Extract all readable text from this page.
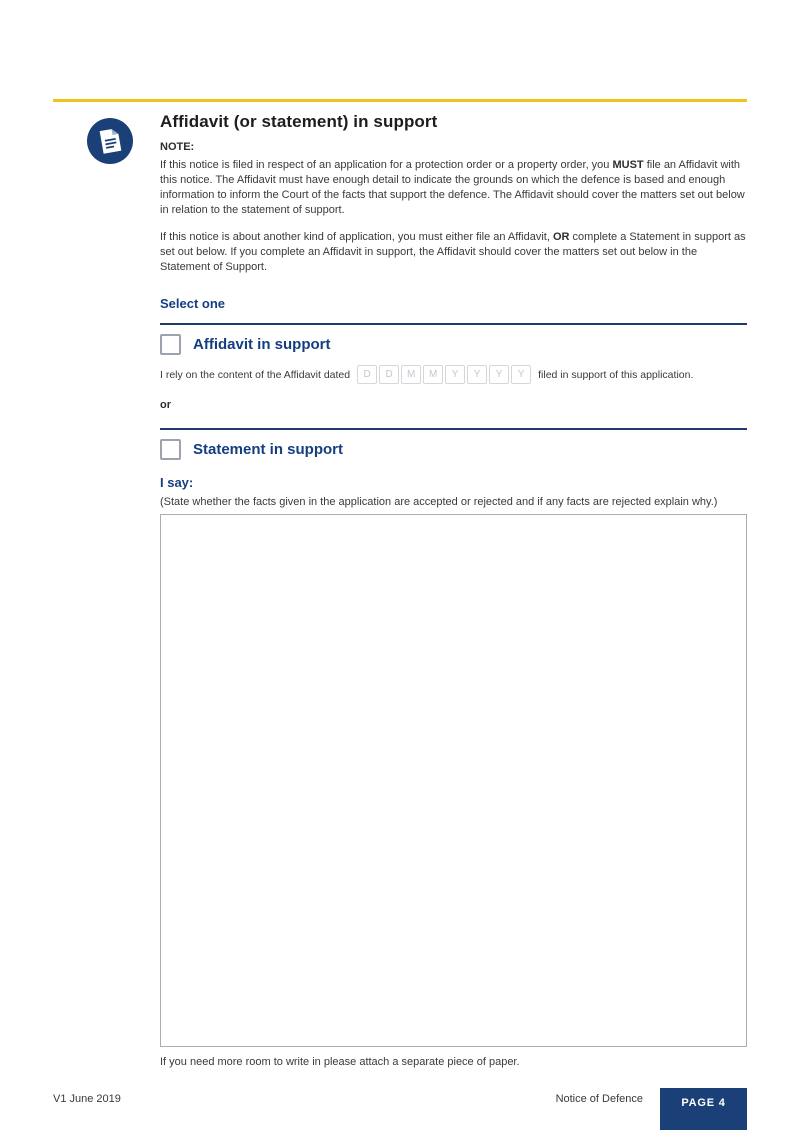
Affidavit (or statement) in support
NOTE:

If this notice is filed in respect of an application for a protection order or a property order, you MUST file an Affidavit with this notice. The Affidavit must have enough detail to indicate the grounds on which the defence is based and enough information to inform the Court of the facts that support the defence. The Affidavit should cover the matters set out below in relation to the statement of support.

If this notice is about another kind of application, you must either file an Affidavit, OR complete a Statement in support as set out below. If you complete an Affidavit in support, the Affidavit should cover the matters set out below in the Statement of Support.

Select one
Affidavit in support
I rely on the content of the Affidavit dated	D	D	M	M	Y	Y	Y	Y	filed in support of this application.
or
Statement in support
I say:
(State whether the facts given in the application are accepted or rejected and if any facts are rejected explain why.)
If you need more room to write in please attach a separate piece of paper.
V1 June 2019	Notice of Defence	PAGE 4
